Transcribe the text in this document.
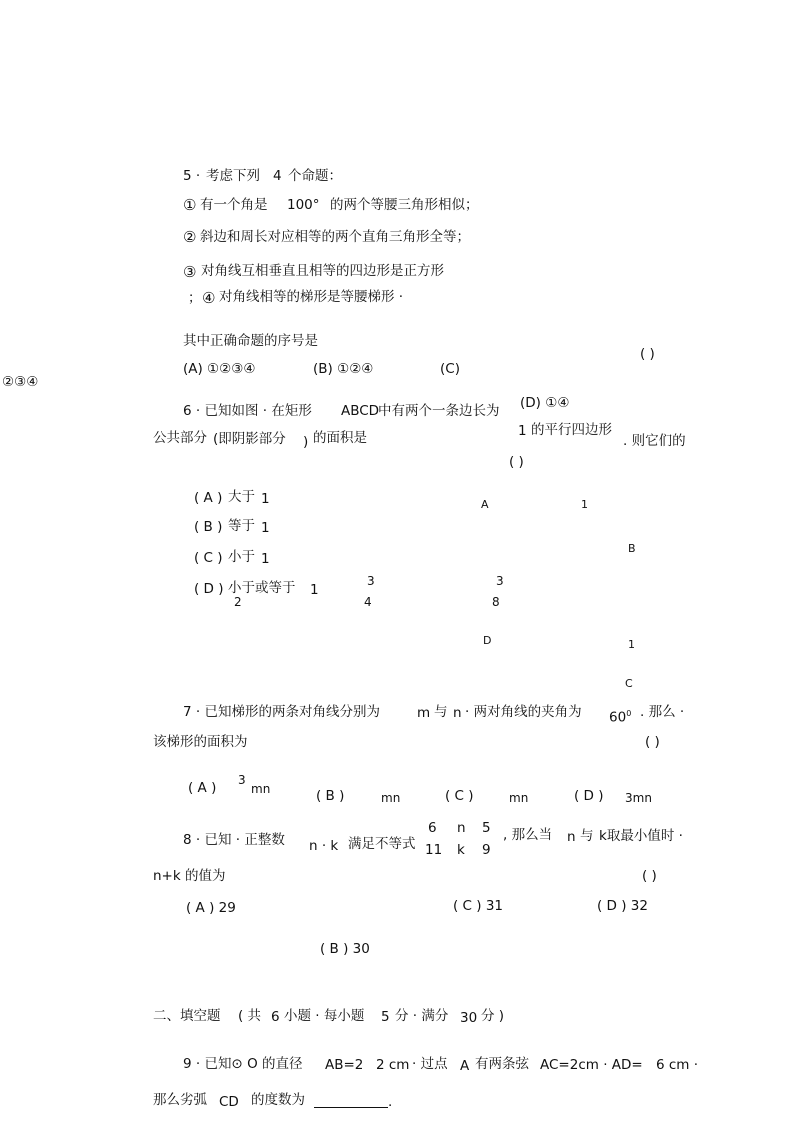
5 · 考虑下列 4 个命题：
① 有一个角是 100° 的两个等腰三角形相似；
② 斜边和周长对应相等的两个直角三角形全等；
③ 对角线互相垂直且相等的四边形是正方形
； ④ 对角线相等的梯形是等腰梯形 ·
其中正确命题的序号是
( )
(A) ①②③④	(B) ①②④	(C)
②③④
(D) ①④
6 · 已知如图 · 在矩形 ABCD
中有两个一条边长为
公共部分 (即阴影部分 ) 的面积是	1 的平行四边形
. 则它们的
( )
( A ) 大于 1
( B ) 等于 1
( C ) 小于 1
( D ) 小于或等于 1
2
3
4
3
8
A	1
B
D	1
C
7 · 已知梯形的两条对角线分别为	m 与 n · 两对角线的夹角为 $60^0$ . 那么 ·
该梯形的面积为	( )
( A ) 3
mn	( B )	mn	( C )	mn	( D ) 3mn
8 · 已知 · 正整数 n · k 满足不等式
6 n 5
11 k 9
, 那么当 n 与 k取最小值时 ·
n+k 的值为	( )
( A ) 29	( C ) 31	( D ) 32
( B ) 30
二、填空题 ( 共 6 小题 · 每小题 5 分 · 满分 30 分 )
9 · 已知⊙ O 的直径 AB=2 2 cm · 过点 A 有两条弦 AC=2cm · AD= 6 cm ·
那么劣弧 CD 的度数为	.
